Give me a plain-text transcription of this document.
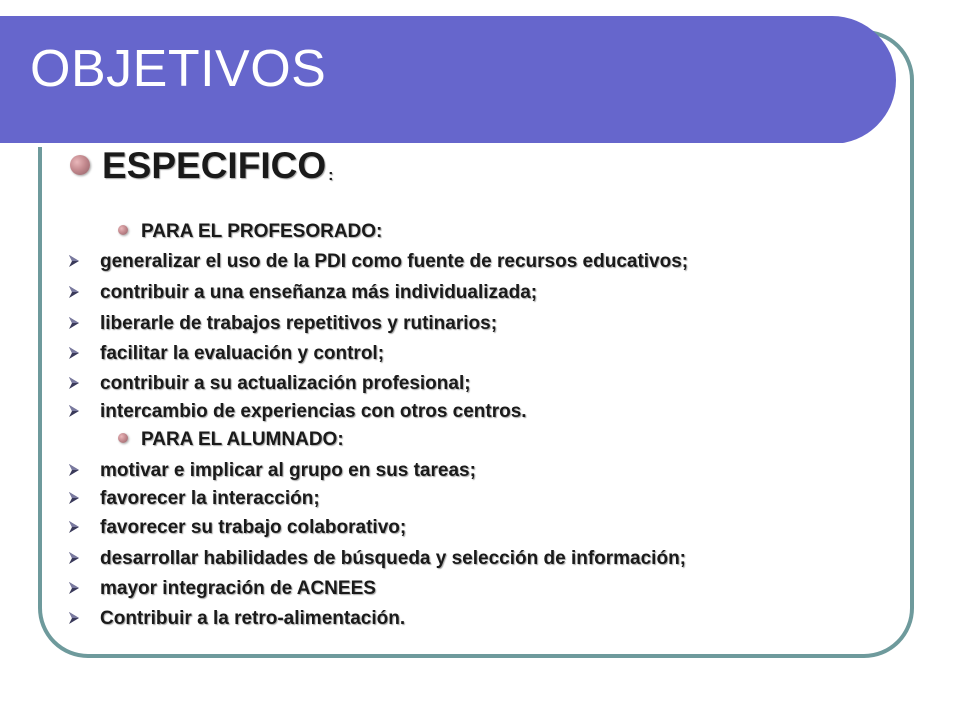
OBJETIVOS
ESPECIFICO :
PARA EL PROFESORADO:
generalizar el uso de la PDI como fuente de recursos educativos;
contribuir a una enseñanza más individualizada;
liberarle de trabajos repetitivos y rutinarios;
facilitar la evaluación y control;
contribuir a su actualización profesional;
intercambio de experiencias con otros centros.
PARA EL ALUMNADO:
motivar e implicar al grupo en sus tareas;
favorecer la interacción;
favorecer su trabajo colaborativo;
desarrollar habilidades de búsqueda y selección de información;
mayor integración de ACNEES
Contribuir a la retro-alimentación.
